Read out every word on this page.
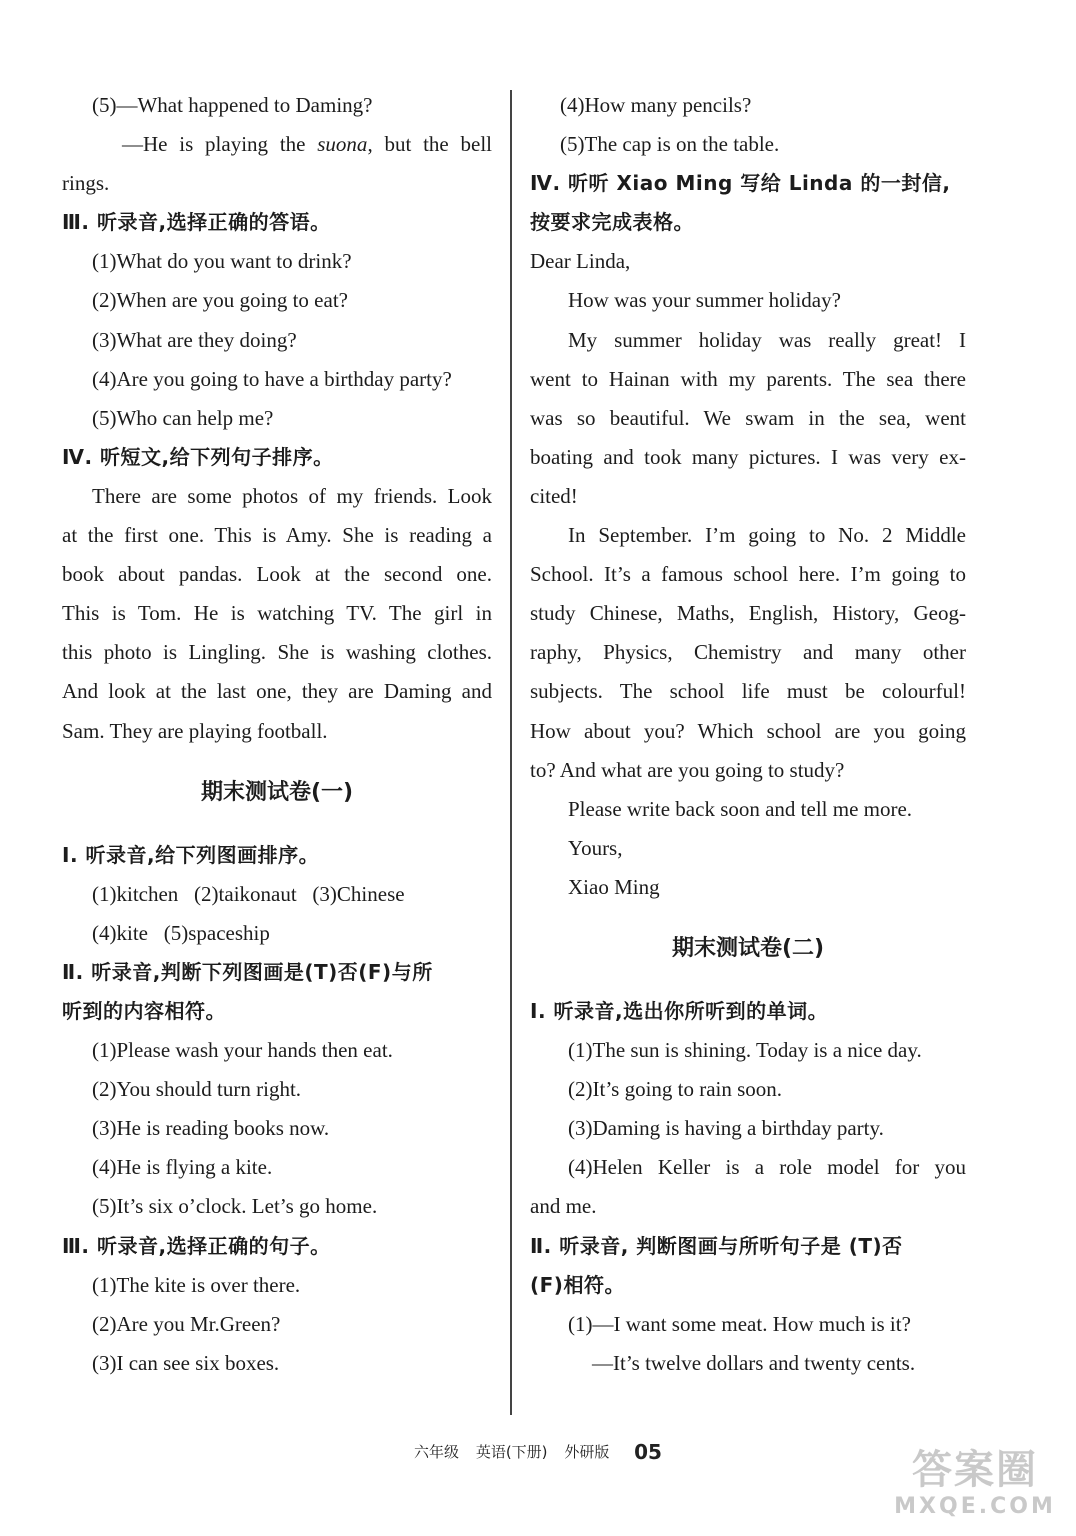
(5)—What happened to Daming?
—He is playing the suona, but the bell
rings.
Ⅲ. 听录音,选择正确的答语。
(1)What do you want to drink?
(2)When are you going to eat?
(3)What are they doing?
(4)Are you going to have a birthday party?
(5)Who can help me?
Ⅳ. 听短文,给下列句子排序。
There are some photos of my friends. Look
at the first one. This is Amy. She is reading a
book about pandas. Look at the second one.
This is Tom. He is watching TV. The girl in
this photo is Lingling. She is washing clothes.
And look at the last one, they are Daming and
Sam. They are playing football.
期末测试卷(一)
Ⅰ. 听录音,给下列图画排序。
(1)kitchen   (2)taikonaut   (3)Chinese
(4)kite   (5)spaceship
Ⅱ. 听录音,判断下列图画是(T)否(F)与所
听到的内容相符。
(1)Please wash your hands then eat.
(2)You should turn right.
(3)He is reading books now.
(4)He is flying a kite.
(5)It’s six o’clock. Let’s go home.
Ⅲ. 听录音,选择正确的句子。
(1)The kite is over there.
(2)Are you Mr.Green?
(3)I can see six boxes.
(4)How many pencils?
(5)The cap is on the table.
Ⅳ. 听听 Xiao Ming 写给 Linda 的一封信,
按要求完成表格。
Dear Linda,
How was your summer holiday?
My summer holiday was really great! I
went to Hainan with my parents. The sea there
was so beautiful. We swam in the sea, went
boating and took many pictures. I was very ex-
cited!
In September. I’m going to No. 2 Middle
School. It’s a famous school here. I’m going to
study Chinese, Maths, English, History, Geog-
raphy, Physics, Chemistry and many other
subjects. The school life must be colourful!
How about you? Which school are you going
to? And what are you going to study?
Please write back soon and tell me more.
Yours,
Xiao Ming
期末测试卷(二)
Ⅰ. 听录音,选出你所听到的单词。
(1)The sun is shining. Today is a nice day.
(2)It’s going to rain soon.
(3)Daming is having a birthday party.
(4)Helen Keller is a role model for you
and me.
Ⅱ. 听录音, 判断图画与所听句子是 (T)否
(F)相符。
(1)—I want some meat. How much is it?
—It’s twelve dollars and twenty cents.
六年级 英语(下册) 外研版 05	答案圈
MXQE.COM
